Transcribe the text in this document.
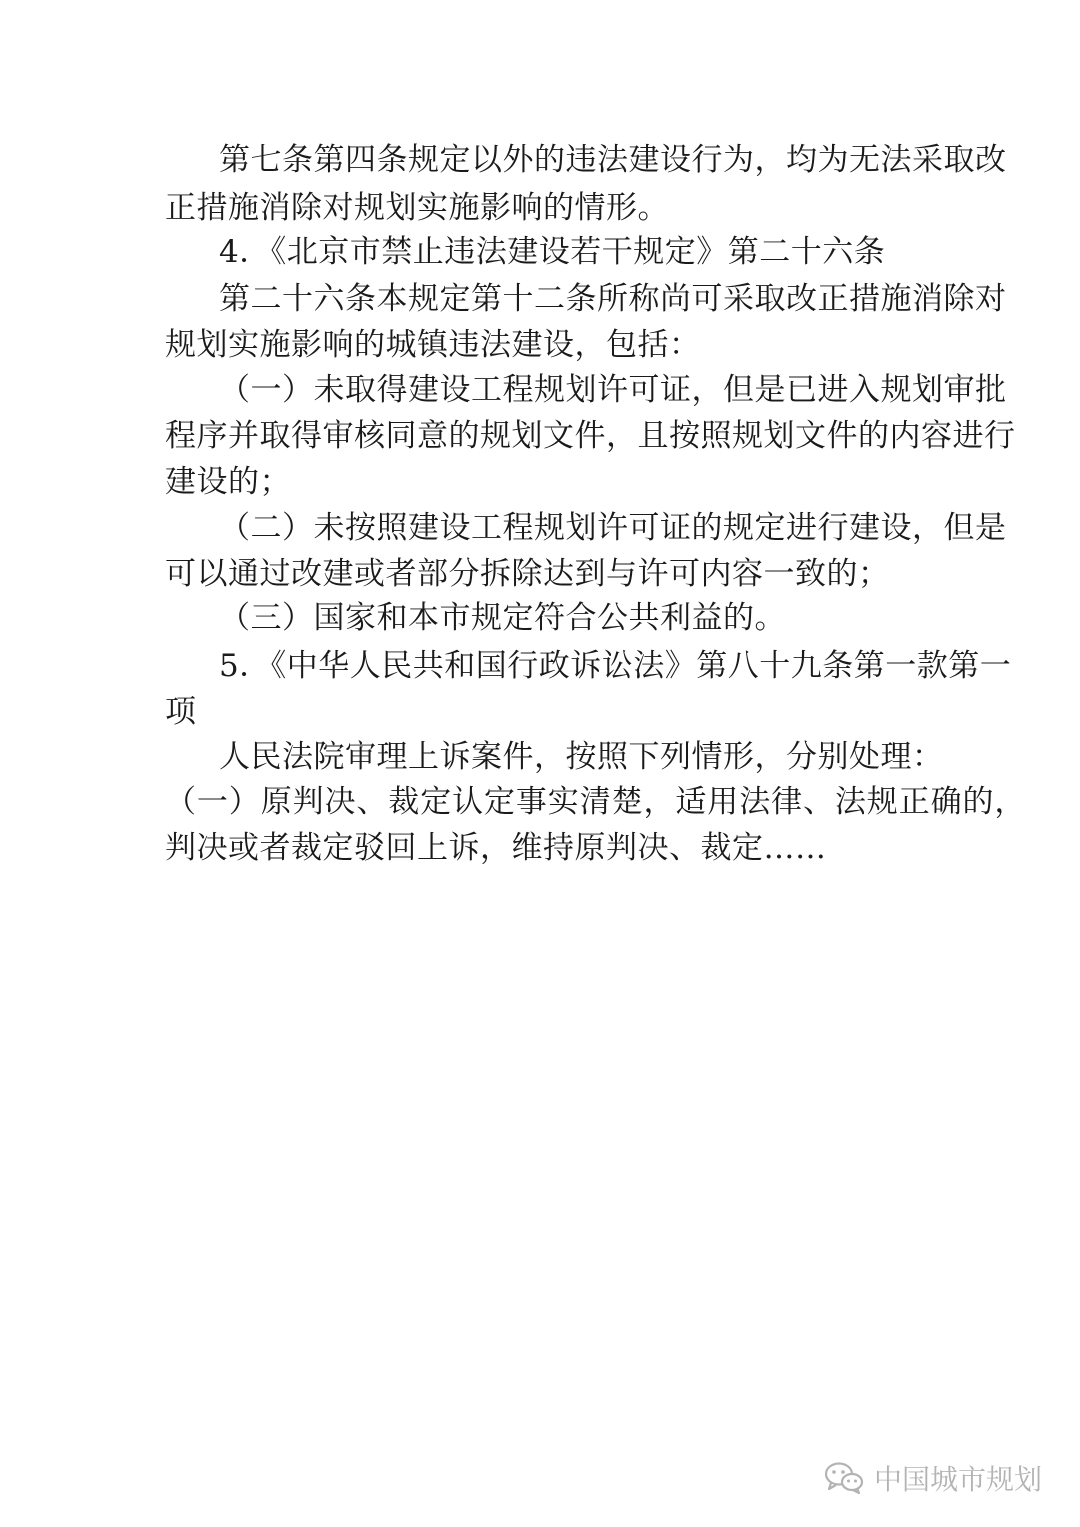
第七条第四条规定以外的违法建设行为，均为无法采取改
正措施消除对规划实施影响的情形。
4．《北京市禁止违法建设若干规定》第二十六条
第二十六条本规定第十二条所称尚可采取改正措施消除对
规划实施影响的城镇违法建设，包括：
（一）未取得建设工程规划许可证，但是已进入规划审批
程序并取得审核同意的规划文件，且按照规划文件的内容进行
建设的；
（二）未按照建设工程规划许可证的规定进行建设，但是
可以通过改建或者部分拆除达到与许可内容一致的；
（三）国家和本市规定符合公共利益的。
5．《中华人民共和国行政诉讼法》第八十九条第一款第一
项
人民法院审理上诉案件，按照下列情形，分别处理：
（一）原判决、裁定认定事实清楚，适用法律、法规正确的，
判决或者裁定驳回上诉，维持原判决、裁定……
中国城市规划
